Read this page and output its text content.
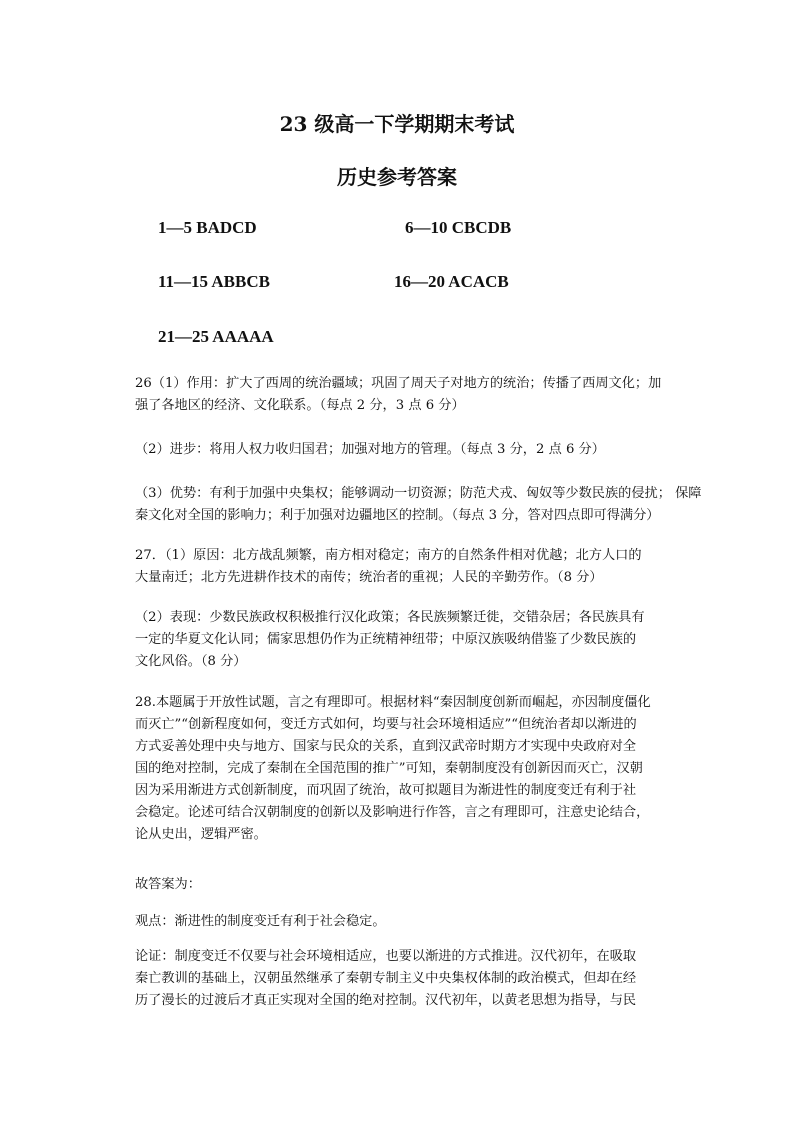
23 级高一下学期期末考试
历史参考答案
1—5 BADCD	6—10 CBCDB
11—15 ABBCB	16—20 ACACB
21—25 AAAAA
26（1）作用：扩大了西周的统治疆域；巩固了周天子对地方的统治；传播了西周文化；加
强了各地区的经济、文化联系。（每点 2 分，3 点 6 分）
（2）进步：将用人权力收归国君；加强对地方的管理。（每点 3 分，2 点 6 分）
（3）优势：有利于加强中央集权；能够调动一切资源；防范犬戎、匈奴等少数民族的侵扰； 保障
秦文化对全国的影响力；利于加强对边疆地区的控制。（每点 3 分，答对四点即可得满分）
27．（1）原因：北方战乱频繁，南方相对稳定；南方的自然条件相对优越；北方人口的
大量南迁；北方先进耕作技术的南传；统治者的重视；人民的辛勤劳作。（8 分）
（2）表现：少数民族政权积极推行汉化政策；各民族频繁迁徙，交错杂居；各民族具有
一定的华夏文化认同；儒家思想仍作为正统精神纽带；中原汉族吸纳借鉴了少数民族的
文化风俗。（8 分）
28.本题属于开放性试题，言之有理即可。根据材料“秦因制度创新而崛起，亦因制度僵化
而灭亡”“创新程度如何，变迁方式如何，均要与社会环境相适应”“但统治者却以渐进的
方式妥善处理中央与地方、国家与民众的关系，直到汉武帝时期方才实现中央政府对全
国的绝对控制，完成了秦制在全国范围的推广”可知，秦朝制度没有创新因而灭亡，汉朝
因为采用渐进方式创新制度，而巩固了统治，故可拟题目为渐进性的制度变迁有利于社
会稳定。论述可结合汉朝制度的创新以及影响进行作答，言之有理即可，注意史论结合，
论从史出，逻辑严密。
故答案为：
观点：渐进性的制度变迁有利于社会稳定。
论证：制度变迁不仅要与社会环境相适应，也要以渐进的方式推进。汉代初年，在吸取
秦亡教训的基础上，汉朝虽然继承了秦朝专制主义中央集权体制的政治模式，但却在经
历了漫长的过渡后才真正实现对全国的绝对控制。汉代初年，以黄老思想为指导，与民
